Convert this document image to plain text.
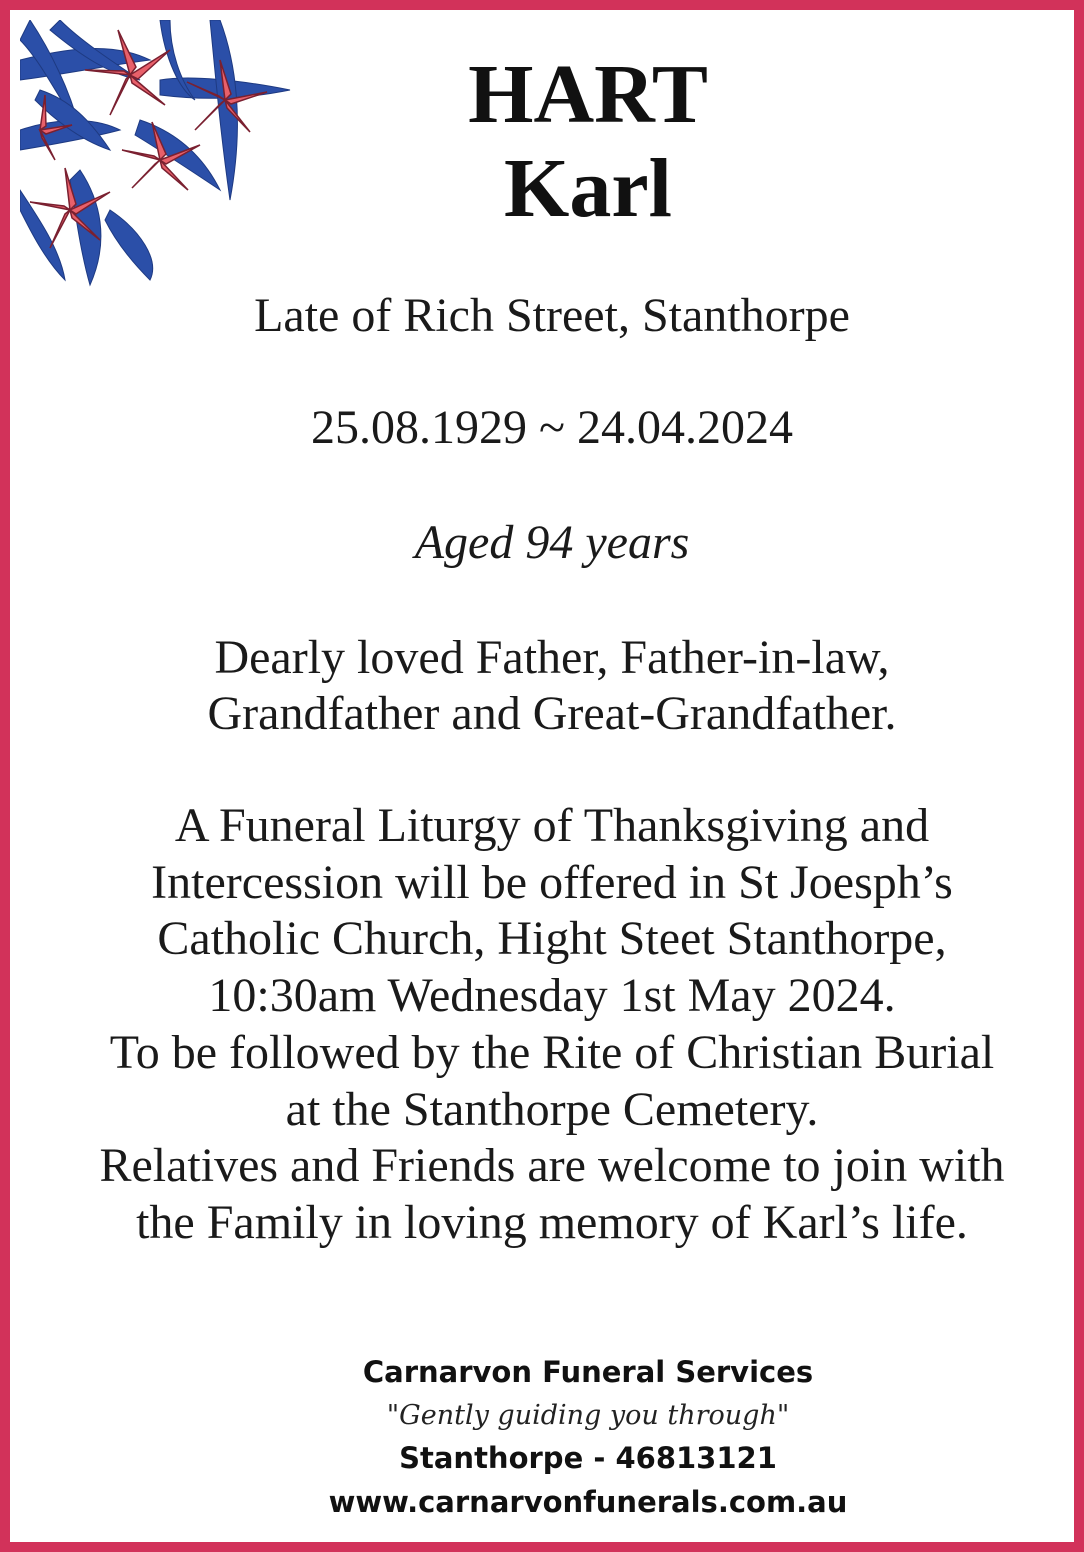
HART
Karl
Late of Rich Street, Stanthorpe
25.08.1929 ~ 24.04.2024
Aged 94 years
Dearly loved Father, Father-in-law,
Grandfather and Great-Grandfather.
A Funeral Liturgy of Thanksgiving and
Intercession will be offered in St Joesph’s
Catholic Church, Hight Steet Stanthorpe,
10:30am Wednesday 1st May 2024.
To be followed by the Rite of Christian Burial
at the Stanthorpe Cemetery.
Relatives and Friends are welcome to join with
the Family in loving memory of Karl’s life.
Carnarvon Funeral Services
"Gently guiding you through"
Stanthorpe - 46813121
www.carnarvonfunerals.com.au
